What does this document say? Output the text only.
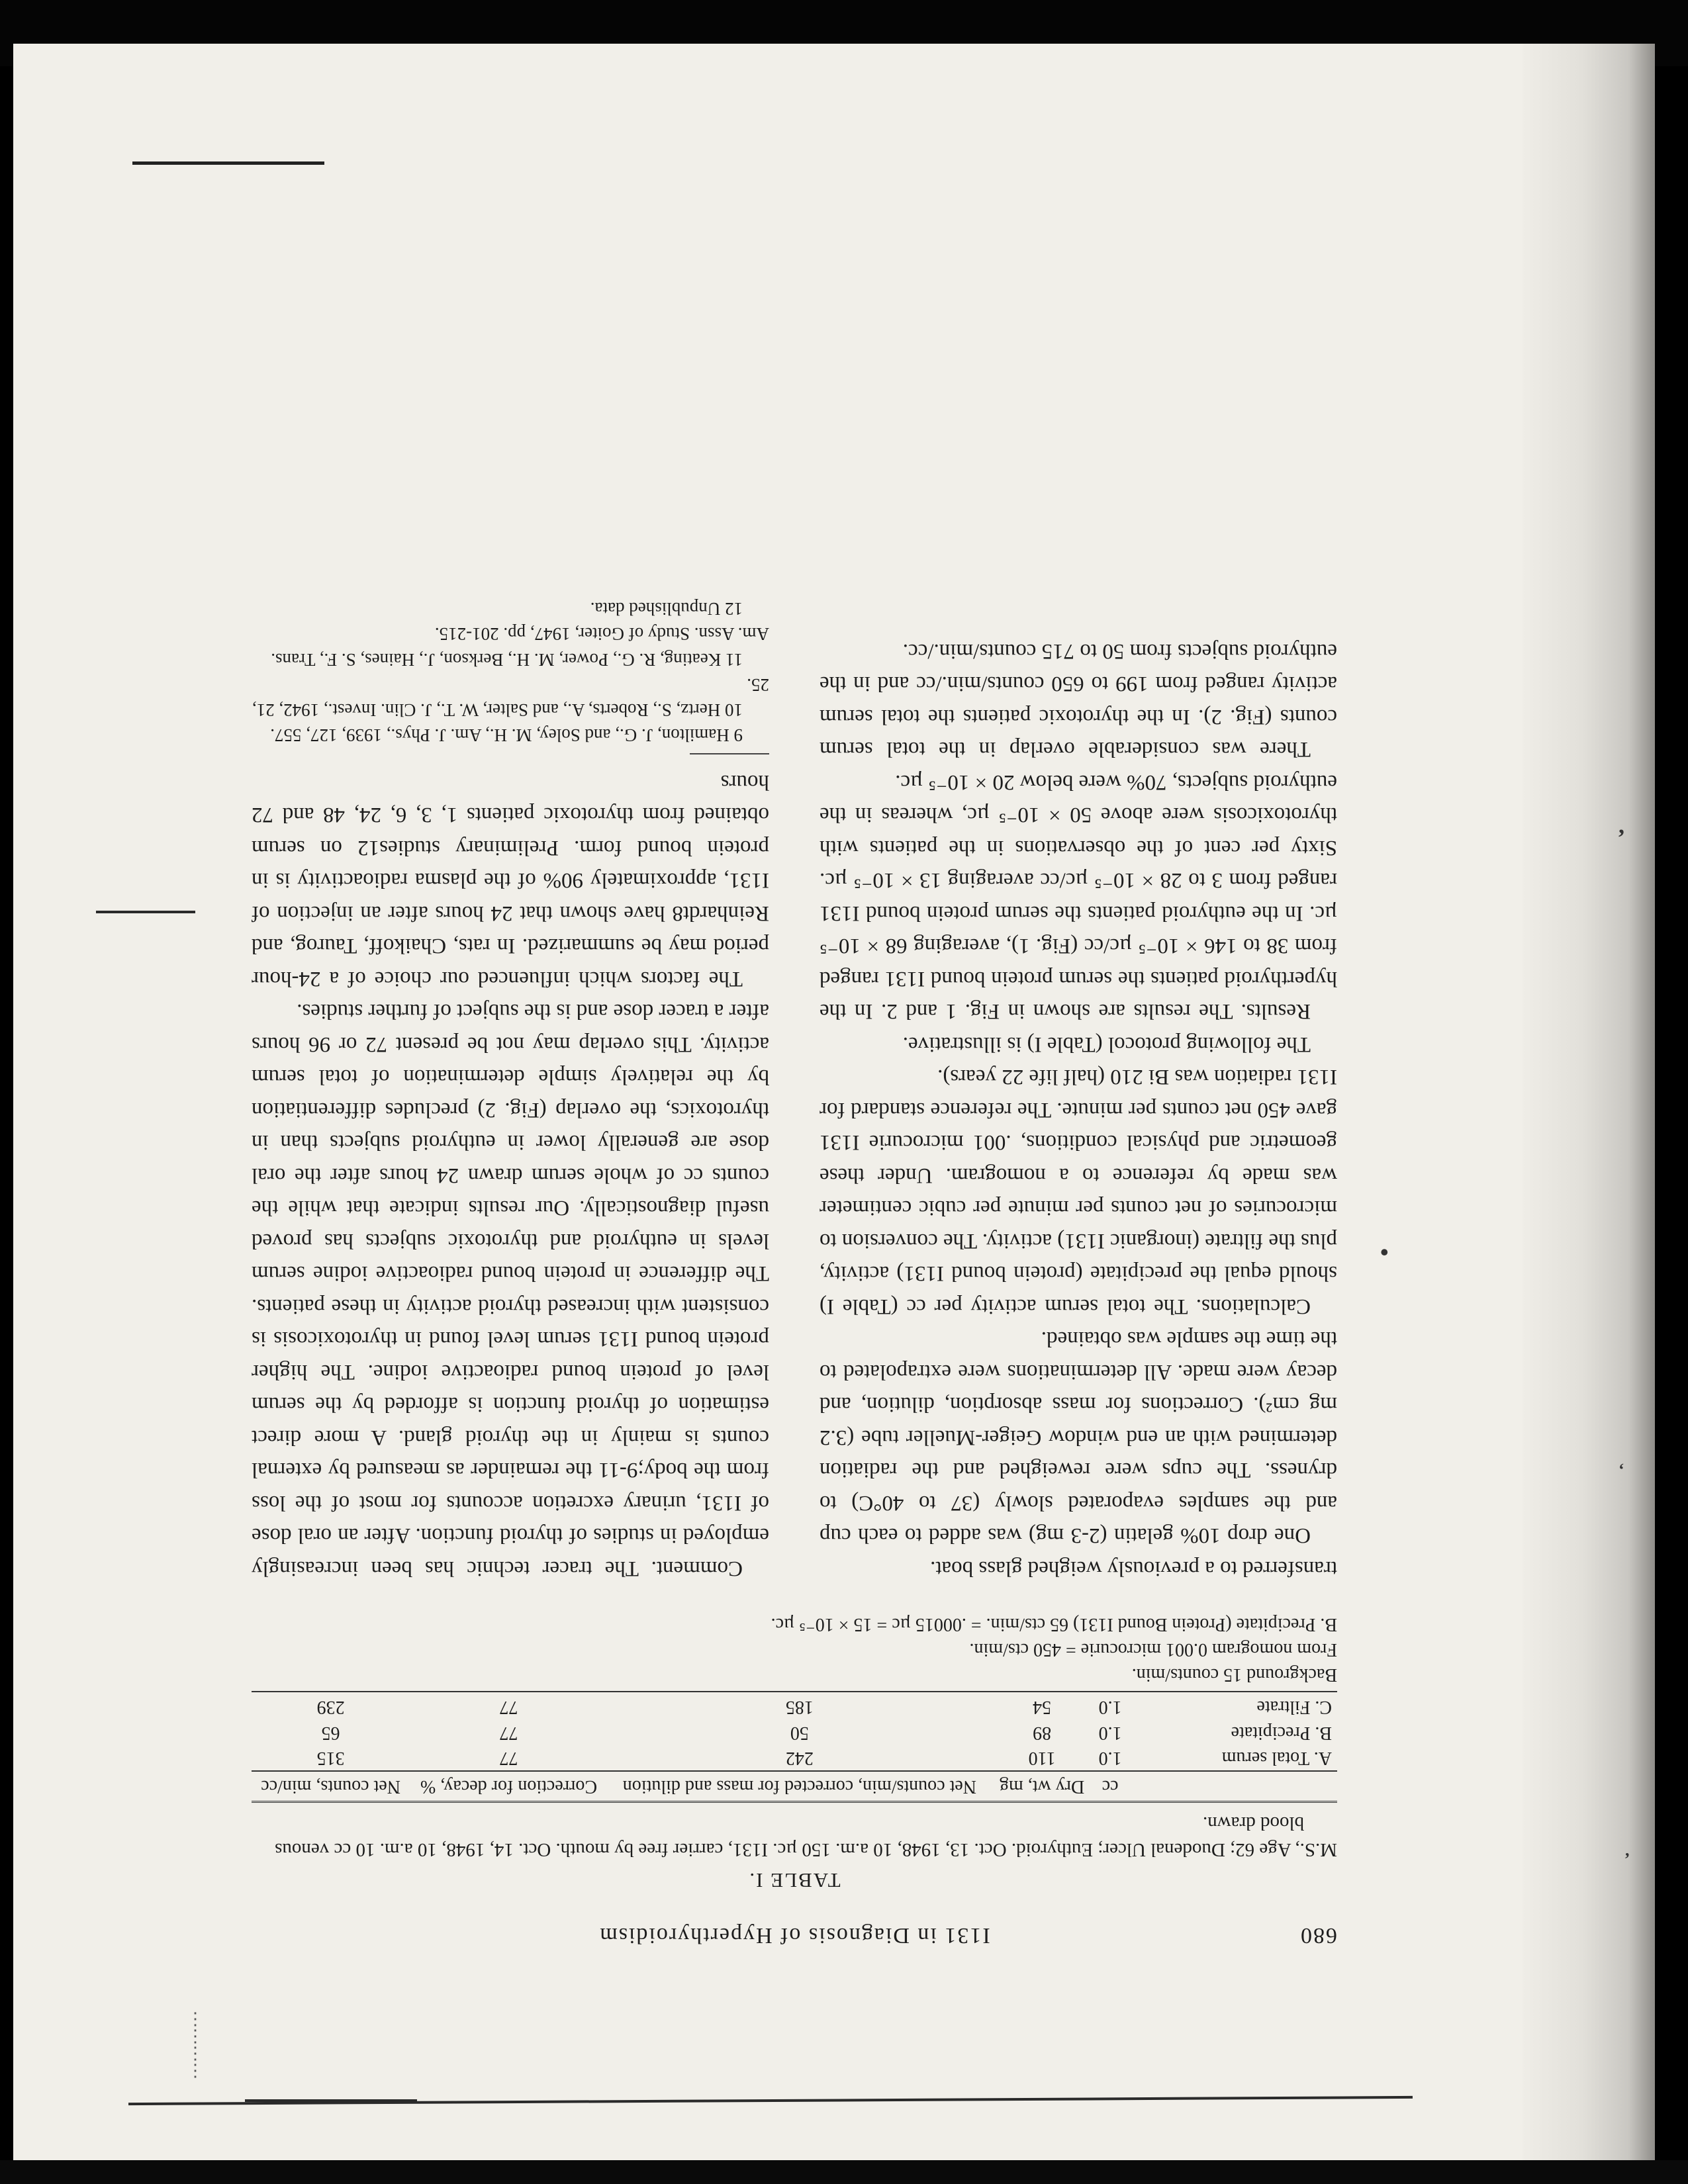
⋮
⋮
⋮
⋮
•
,
ʻ
,
680
I131 in Diagnosis of Hyperthyroidism
TABLE I.
M.S., Age 62; Duodenal Ulcer; Euthyroid. Oct. 13, 1948, 10 a.m. 150 µc. I131, carrier free by mouth. Oct. 14, 1948, 10 a.m. 10 cc venous blood drawn.
	cc	Dry wt, mg	Net counts/min, corrected for mass and dilution	Correction for decay, %	Net counts, min/cc
A. Total serum	1.0	110	242	77	315
B. Precipitate	1.0	89	50	77	65
C. Filtrate	1.0	54	185	77	239
Background 15 counts/min.
From nomogram 0.001 microcurie = 450 cts/min.
B. Precipitate (Protein Bound I131) 65 cts/min. = .00015 µc = 15 × 10⁻⁵ µc.

transferred to a previously weighed glass boat.

One drop 10% gelatin (2-3 mg) was added to each cup and the samples evaporated slowly (37 to 40°C) to dryness. The cups were reweighed and the radiation determined with an end window Geiger-Mueller tube (3.2 mg cm²). Corrections for mass absorption, dilution, and decay were made. All determinations were extrapolated to the time the sample was obtained.

Calculations. The total serum activity per cc (Table I) should equal the precipitate (protein bound I131) activity, plus the filtrate (inorganic I131) activity. The conversion to microcuries of net counts per minute per cubic centimeter was made by reference to a nomogram. Under these geometric and physical conditions, .001 microcurie I131 gave 450 net counts per minute. The reference standard for I131 radiation was Bi 210 (half life 22 years).

The following protocol (Table I) is illustrative.

Results. The results are shown in Fig. 1 and 2. In the hyperthyroid patients the serum protein bound I131 ranged from 38 to 146 × 10⁻⁵ µc/cc (Fig. 1), averaging 68 × 10⁻⁵ µc. In the euthyroid patients the serum protein bound I131 ranged from 3 to 28 × 10⁻⁵ µc/cc averaging 13 × 10⁻⁵ µc. Sixty per cent of the observations in the patients with thyrotoxicosis were above 50 × 10⁻⁵ µc, whereas in the euthyroid subjects, 70% were below 20 × 10⁻⁵ µc.

There was considerable overlap in the total serum counts (Fig. 2). In the thyrotoxic patients the total serum activity ranged from 199 to 650 counts/min./cc and in the euthyroid subjects from 50 to 715 counts/min./cc.

Comment. The tracer technic has been increasingly employed in studies of thyroid function. After an oral dose of I131, urinary excretion accounts for most of the loss from the body;9-11 the remainder as measured by external counts is mainly in the thyroid gland. A more direct estimation of thyroid function is afforded by the serum level of protein bound radioactive iodine. The higher protein bound I131 serum level found in thyrotoxicosis is consistent with increased thyroid activity in these patients. The difference in protein bound radioactive iodine serum levels in euthyroid and thyrotoxic subjects has proved useful diagnostically. Our results indicate that while the counts cc of whole serum drawn 24 hours after the oral dose are generally lower in euthyroid subjects than in thyrotoxics, the overlap (Fig. 2) precludes differentiation by the relatively simple determination of total serum activity. This overlap may not be present 72 or 96 hours after a tracer dose and is the subject of further studies.

The factors which influenced our choice of a 24-hour period may be summarized. In rats, Chaikoff, Taurog, and Reinhardt8 have shown that 24 hours after an injection of I131, approximately 90% of the plasma radioactivity is in protein bound form. Preliminary studies12 on serum obtained from thyrotoxic patients 1, 3, 6, 24, 48 and 72 hours

9 Hamilton, J. G., and Soley, M. H., Am. J. Phys., 1939, 127, 557.

10 Hertz, S., Roberts, A., and Salter, W. T., J. Clin. Invest., 1942, 21, 25.

11 Keating, R. G., Power, M. H., Berkson, J., Haines, S. F., Trans. Am. Assn. Study of Goiter, 1947, pp. 201-215.

12 Unpublished data.
